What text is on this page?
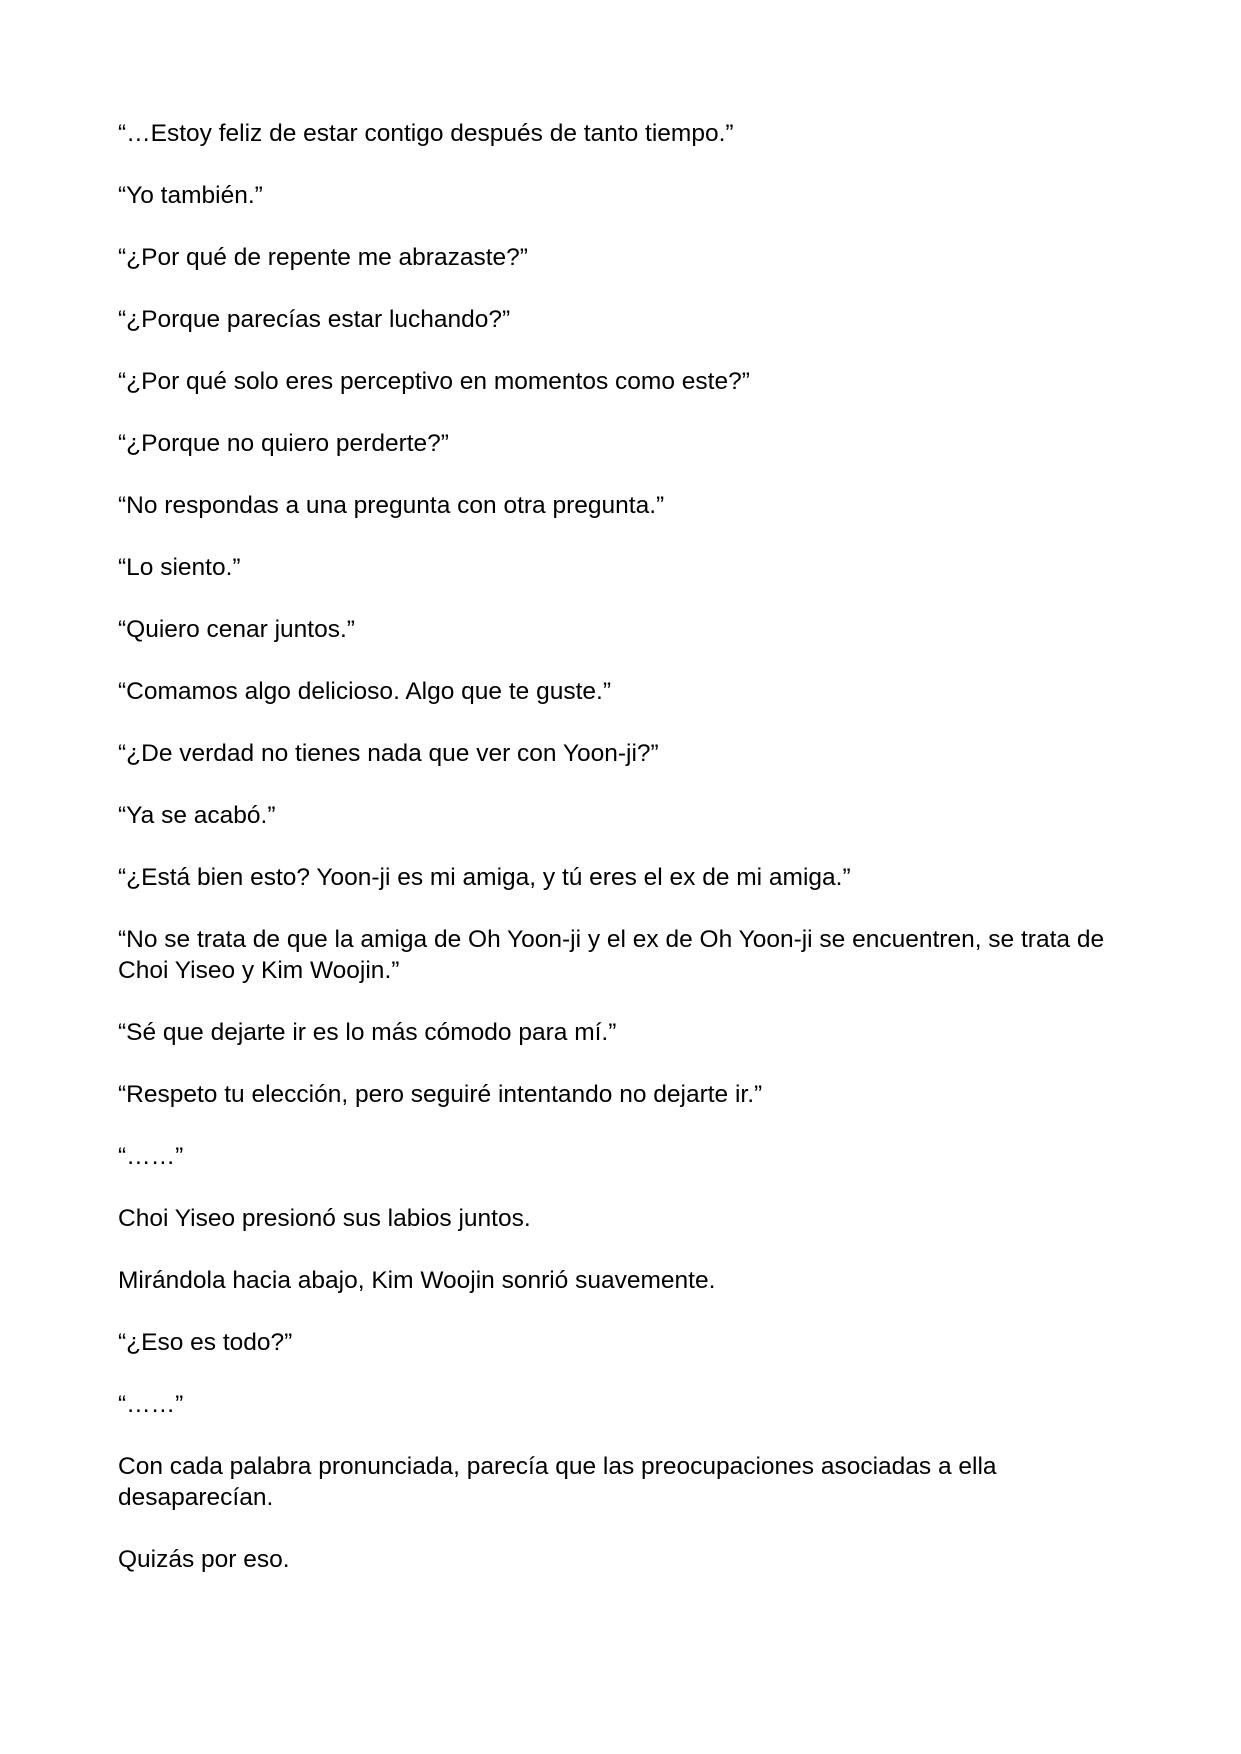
“…Estoy feliz de estar contigo después de tanto tiempo.”

“Yo también.”

“¿Por qué de repente me abrazaste?”

“¿Porque parecías estar luchando?”

“¿Por qué solo eres perceptivo en momentos como este?”

“¿Porque no quiero perderte?”

“No respondas a una pregunta con otra pregunta.”

“Lo siento.”

“Quiero cenar juntos.”

“Comamos algo delicioso. Algo que te guste.”

“¿De verdad no tienes nada que ver con Yoon-ji?”

“Ya se acabó.”

“¿Está bien esto? Yoon-ji es mi amiga, y tú eres el ex de mi amiga.”

“No se trata de que la amiga de Oh Yoon-ji y el ex de Oh Yoon-ji se encuentren, se trata de Choi Yiseo y Kim Woojin.”

“Sé que dejarte ir es lo más cómodo para mí.”

“Respeto tu elección, pero seguiré intentando no dejarte ir.”

“……”

Choi Yiseo presionó sus labios juntos.

Mirándola hacia abajo, Kim Woojin sonrió suavemente.

“¿Eso es todo?”

“……”

Con cada palabra pronunciada, parecía que las preocupaciones asociadas a ella desaparecían.

Quizás por eso.
